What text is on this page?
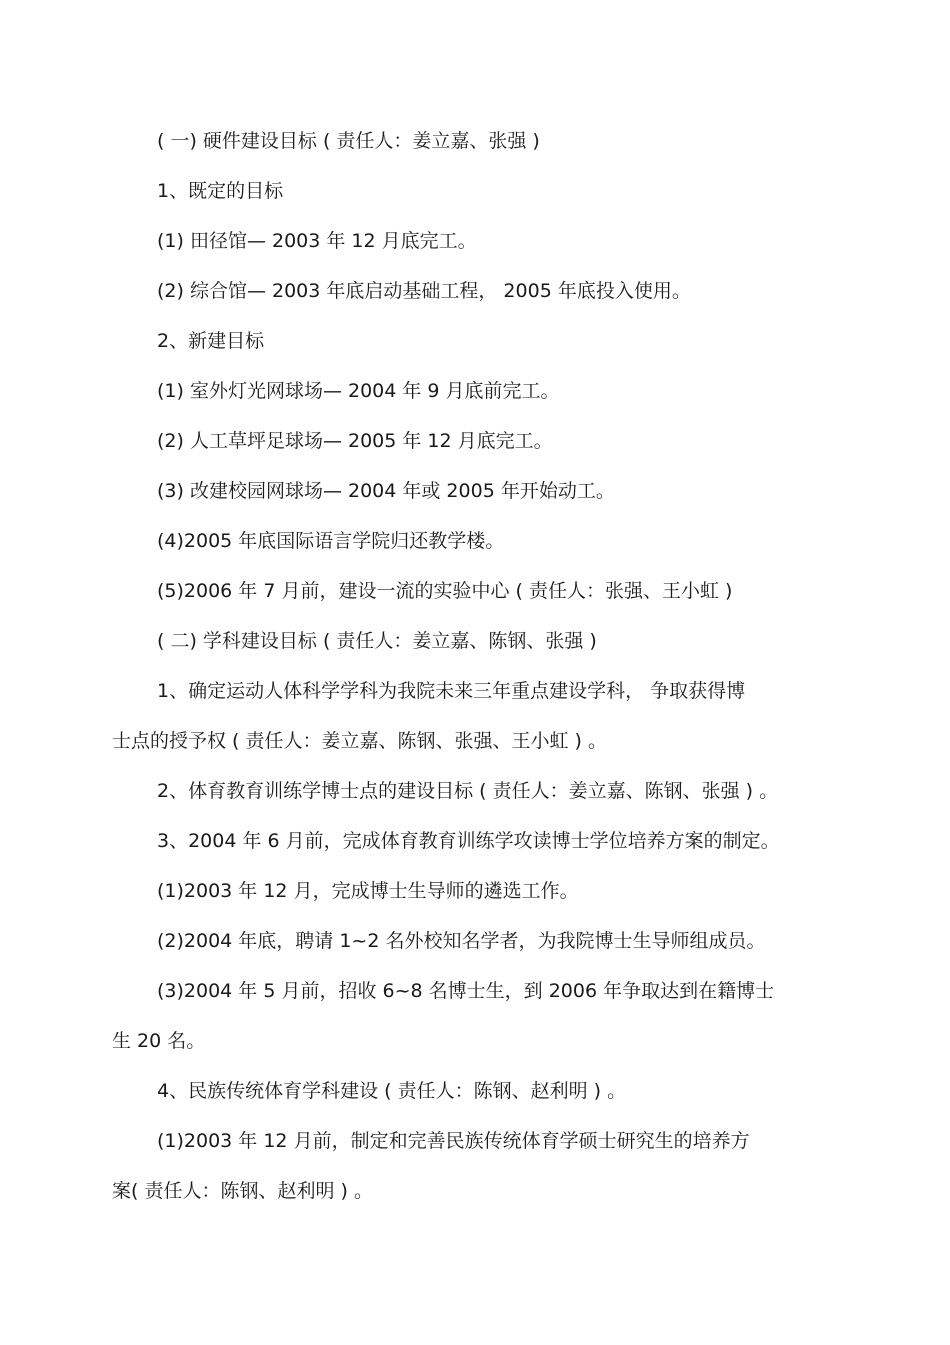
( 一) 硬件建设目标 ( 责任人：姜立嘉、张强 )

1、既定的目标

(1) 田径馆— 2003 年 12 月底完工。

(2) 综合馆— 2003 年底启动基础工程， 2005 年底投入使用。

2、新建目标

(1) 室外灯光网球场— 2004 年 9 月底前完工。

(2) 人工草坪足球场— 2005 年 12 月底完工。

(3) 改建校园网球场— 2004 年或 2005 年开始动工。

(4)2005 年底国际语言学院归还教学楼。

(5)2006 年 7 月前，建设一流的实验中心 ( 责任人：张强、王小虹 )

( 二) 学科建设目标 ( 责任人：姜立嘉、陈钢、张强 )

1、确定运动人体科学学科为我院未来三年重点建设学科， 争取获得博

士点的授予权 ( 责任人：姜立嘉、陈钢、张强、王小虹 ) 。

2、体育教育训练学博士点的建设目标 ( 责任人：姜立嘉、陈钢、张强 ) 。

3、2004 年 6 月前，完成体育教育训练学攻读博士学位培养方案的制定。

(1)2003 年 12 月，完成博士生导师的遴选工作。

(2)2004 年底，聘请 1~2 名外校知名学者，为我院博士生导师组成员。

(3)2004 年 5 月前，招收 6~8 名博士生，到 2006 年争取达到在籍博士

生 20 名。

4、民族传统体育学科建设 ( 责任人：陈钢、赵利明 ) 。

(1)2003 年 12 月前，制定和完善民族传统体育学硕士研究生的培养方

案( 责任人：陈钢、赵利明 ) 。
